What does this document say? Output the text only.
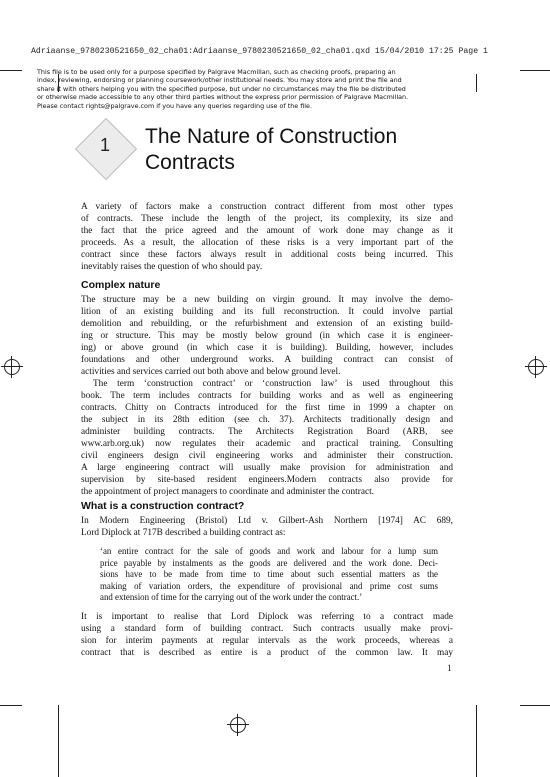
Adriaanse_9780230521650_02_cha01:Adriaanse_9780230521650_02_cha01.qxd 15/04/2010 17:25 Page 1
This file is to be used only for a purpose specified by Palgrave Macmillan, such as checking proofs, preparing an
index, reviewing, endorsing or planning coursework/other institutional needs. You may store and print the file and
share it with others helping you with the specified purpose, but under no circumstances may the file be distributed
or otherwise made accessible to any other third parties without the express prior permission of Palgrave Macmillan.
Please contact rights@palgrave.com if you have any queries regarding use of the file.
1	The Nature of Construction
Contracts
A variety of factors make a construction contract different from most other types
of contracts. These include the length of the project, its complexity, its size and
the fact that the price agreed and the amount of work done may change as it
proceeds. As a result, the allocation of these risks is a very important part of the
contract since these factors always result in additional costs being incurred. This
inevitably raises the question of who should pay.
Complex nature
The structure may be a new building on virgin ground. It may involve the demo-
lition of an existing building and its full reconstruction. It could involve partial
demolition and rebuilding, or the refurbishment and extension of an existing build-
ing or structure. This may be mostly below ground (in which case it is engineer-
ing) or above ground (in which case it is building). Building, however, includes
foundations and other underground works. A building contract can consist of
activities and services carried out both above and below ground level.
The term ‘construction contract’ or ‘construction law’ is used throughout this
book. The term includes contracts for building works and as well as engineering
contracts. Chitty on Contracts introduced for the first time in 1999 a chapter on
the subject in its 28th edition (see ch. 37). Architects traditionally design and
administer building contracts. The Architects Registration Board (ARB, see
www.arb.org.uk) now regulates their academic and practical training. Consulting
civil engineers design civil engineering works and administer their construction.
A large engineering contract will usually make provision for administration and
supervision by site-based resident engineers.Modern contracts also provide for
the appointment of project managers to coordinate and administer the contract.
What is a construction contract?
In Modern Engineering (Bristol) Ltd v. Gilbert-Ash Northern [1974] AC 689,
Lord Diplock at 717B described a building contract as:
‘an entire contract for the sale of goods and work and labour for a lump sum
price payable by instalments as the goods are delivered and the work done. Deci-
sions have to be made from time to time about such essential matters as the
making of variation orders, the expenditure of provisional and prime cost sums
and extension of time for the carrying out of the work under the contract.’
It is important to realise that Lord Diplock was referring to a contract made
using a standard form of building contract. Such contracts usually make provi-
sion for interim payments at regular intervals as the work proceeds, whereas a
contract that is described as entire is a product of the common law. It may
1
